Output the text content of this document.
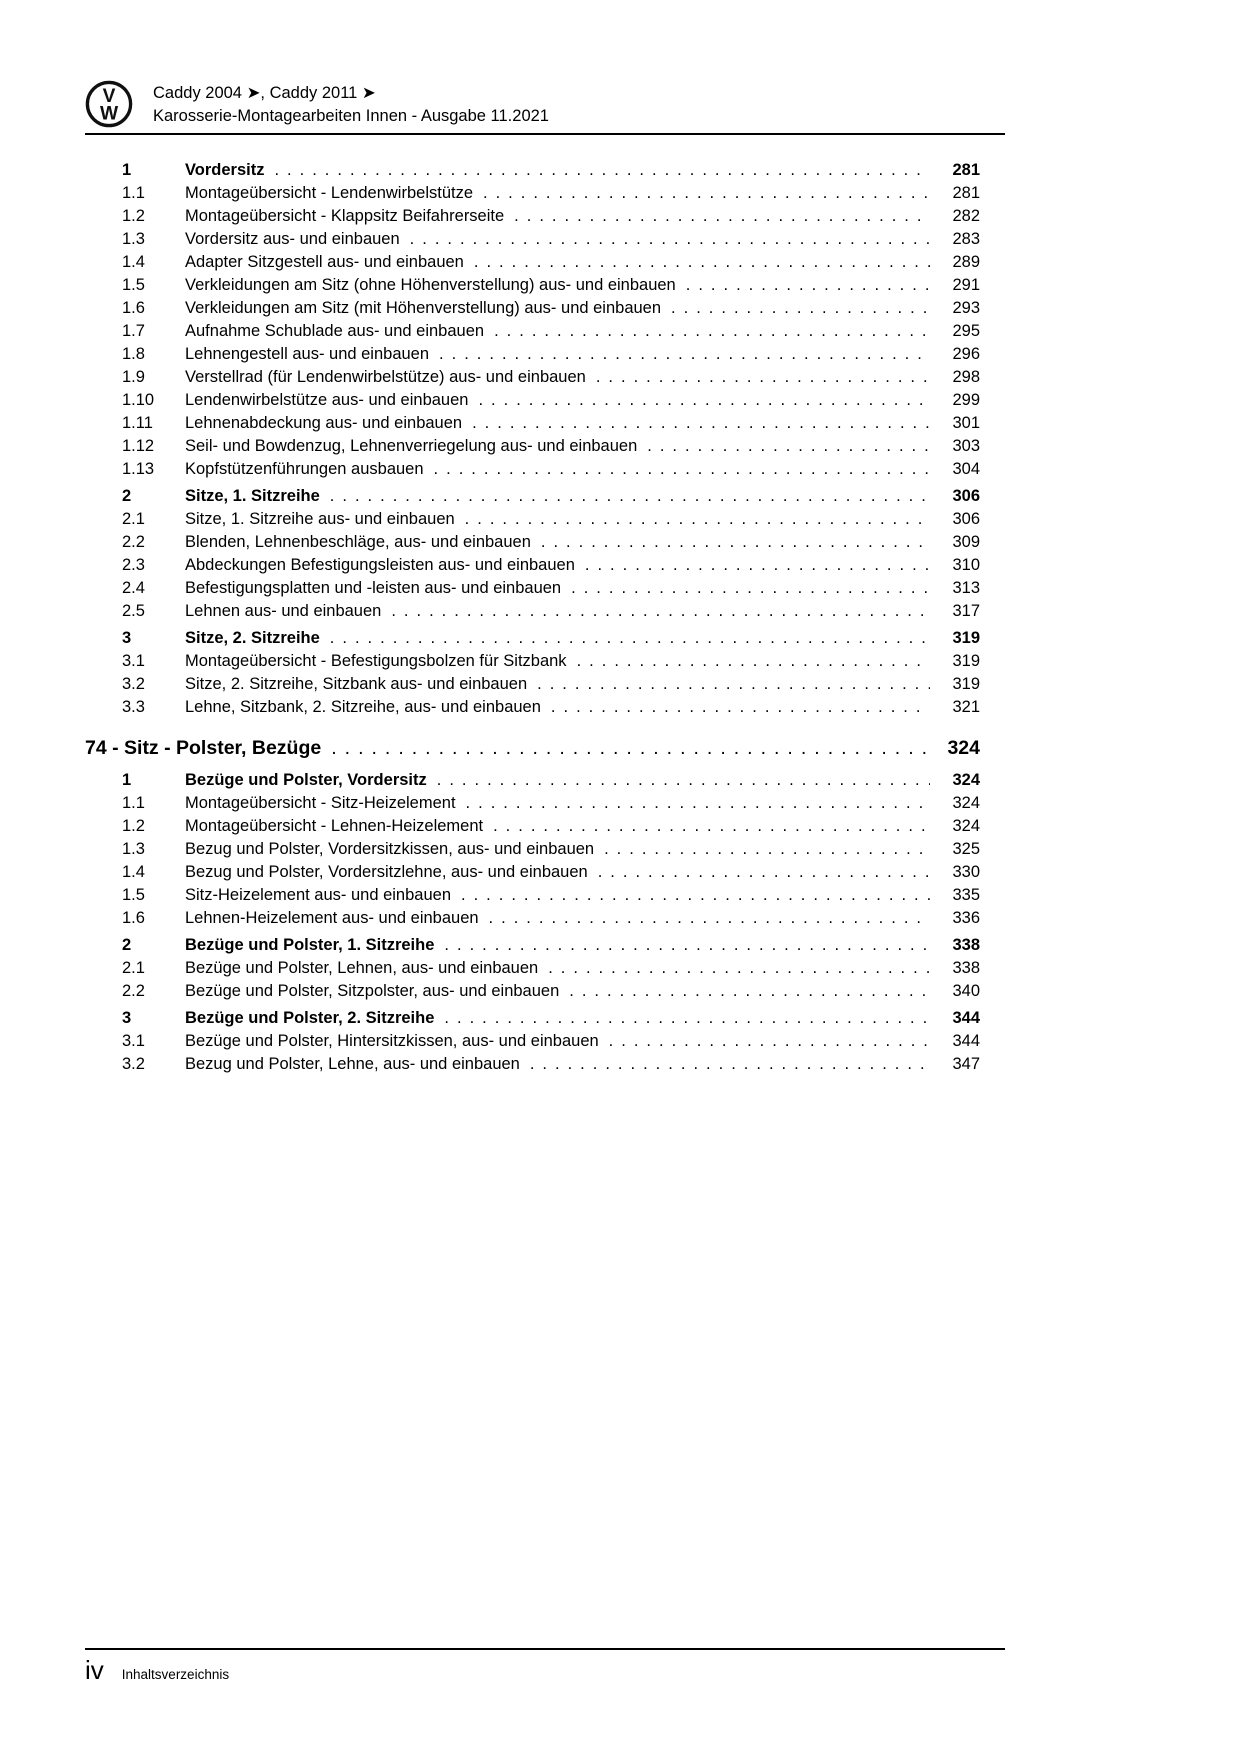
V
W
Caddy 2004 ➤, Caddy 2011 ➤
Karosserie-Montagearbeiten Innen - Ausgabe 11.2021
1	Vordersitz .....	281
1.1	Montageübersicht - Lendenwirbelstütze .....	281
1.2	Montageübersicht - Klappsitz Beifahrerseite .....	282
1.3	Vordersitz aus- und einbauen .....	283
1.4	Adapter Sitzgestell aus- und einbauen .....	289
1.5	Verkleidungen am Sitz (ohne Höhenverstellung) aus- und einbauen .....	291
1.6	Verkleidungen am Sitz (mit Höhenverstellung) aus- und einbauen .....	293
1.7	Aufnahme Schublade aus- und einbauen .....	295
1.8	Lehnengestell aus- und einbauen .....	296
1.9	Verstellrad (für Lendenwirbelstütze) aus- und einbauen .....	298
1.10	Lendenwirbelstütze aus- und einbauen .....	299
1.11	Lehnenabdeckung aus- und einbauen .....	301
1.12	Seil- und Bowdenzug, Lehnenverriegelung aus- und einbauen .....	303
1.13	Kopfstützenführungen ausbauen .....	304
2	Sitze, 1. Sitzreihe .....	306
2.1	Sitze, 1. Sitzreihe aus- und einbauen .....	306
2.2	Blenden, Lehnenbeschläge, aus- und einbauen .....	309
2.3	Abdeckungen Befestigungsleisten aus- und einbauen .....	310
2.4	Befestigungsplatten und -leisten aus- und einbauen .....	313
2.5	Lehnen aus- und einbauen .....	317
3	Sitze, 2. Sitzreihe .....	319
3.1	Montageübersicht - Befestigungsbolzen für Sitzbank .....	319
3.2	Sitze, 2. Sitzreihe, Sitzbank aus- und einbauen .....	319
3.3	Lehne, Sitzbank, 2. Sitzreihe, aus- und einbauen .....	321
74 - Sitz - Polster, Bezüge .....	324
1	Bezüge und Polster, Vordersitz .....	324
1.1	Montageübersicht - Sitz-Heizelement .....	324
1.2	Montageübersicht - Lehnen-Heizelement .....	324
1.3	Bezug und Polster, Vordersitzkissen, aus- und einbauen .....	325
1.4	Bezug und Polster, Vordersitzlehne, aus- und einbauen .....	330
1.5	Sitz-Heizelement aus- und einbauen .....	335
1.6	Lehnen-Heizelement aus- und einbauen .....	336
2	Bezüge und Polster, 1. Sitzreihe .....	338
2.1	Bezüge und Polster, Lehnen, aus- und einbauen .....	338
2.2	Bezüge und Polster, Sitzpolster, aus- und einbauen .....	340
3	Bezüge und Polster, 2. Sitzreihe .....	344
3.1	Bezüge und Polster, Hintersitzkissen, aus- und einbauen .....	344
3.2	Bezug und Polster, Lehne, aus- und einbauen .....	347
iv Inhaltsverzeichnis
